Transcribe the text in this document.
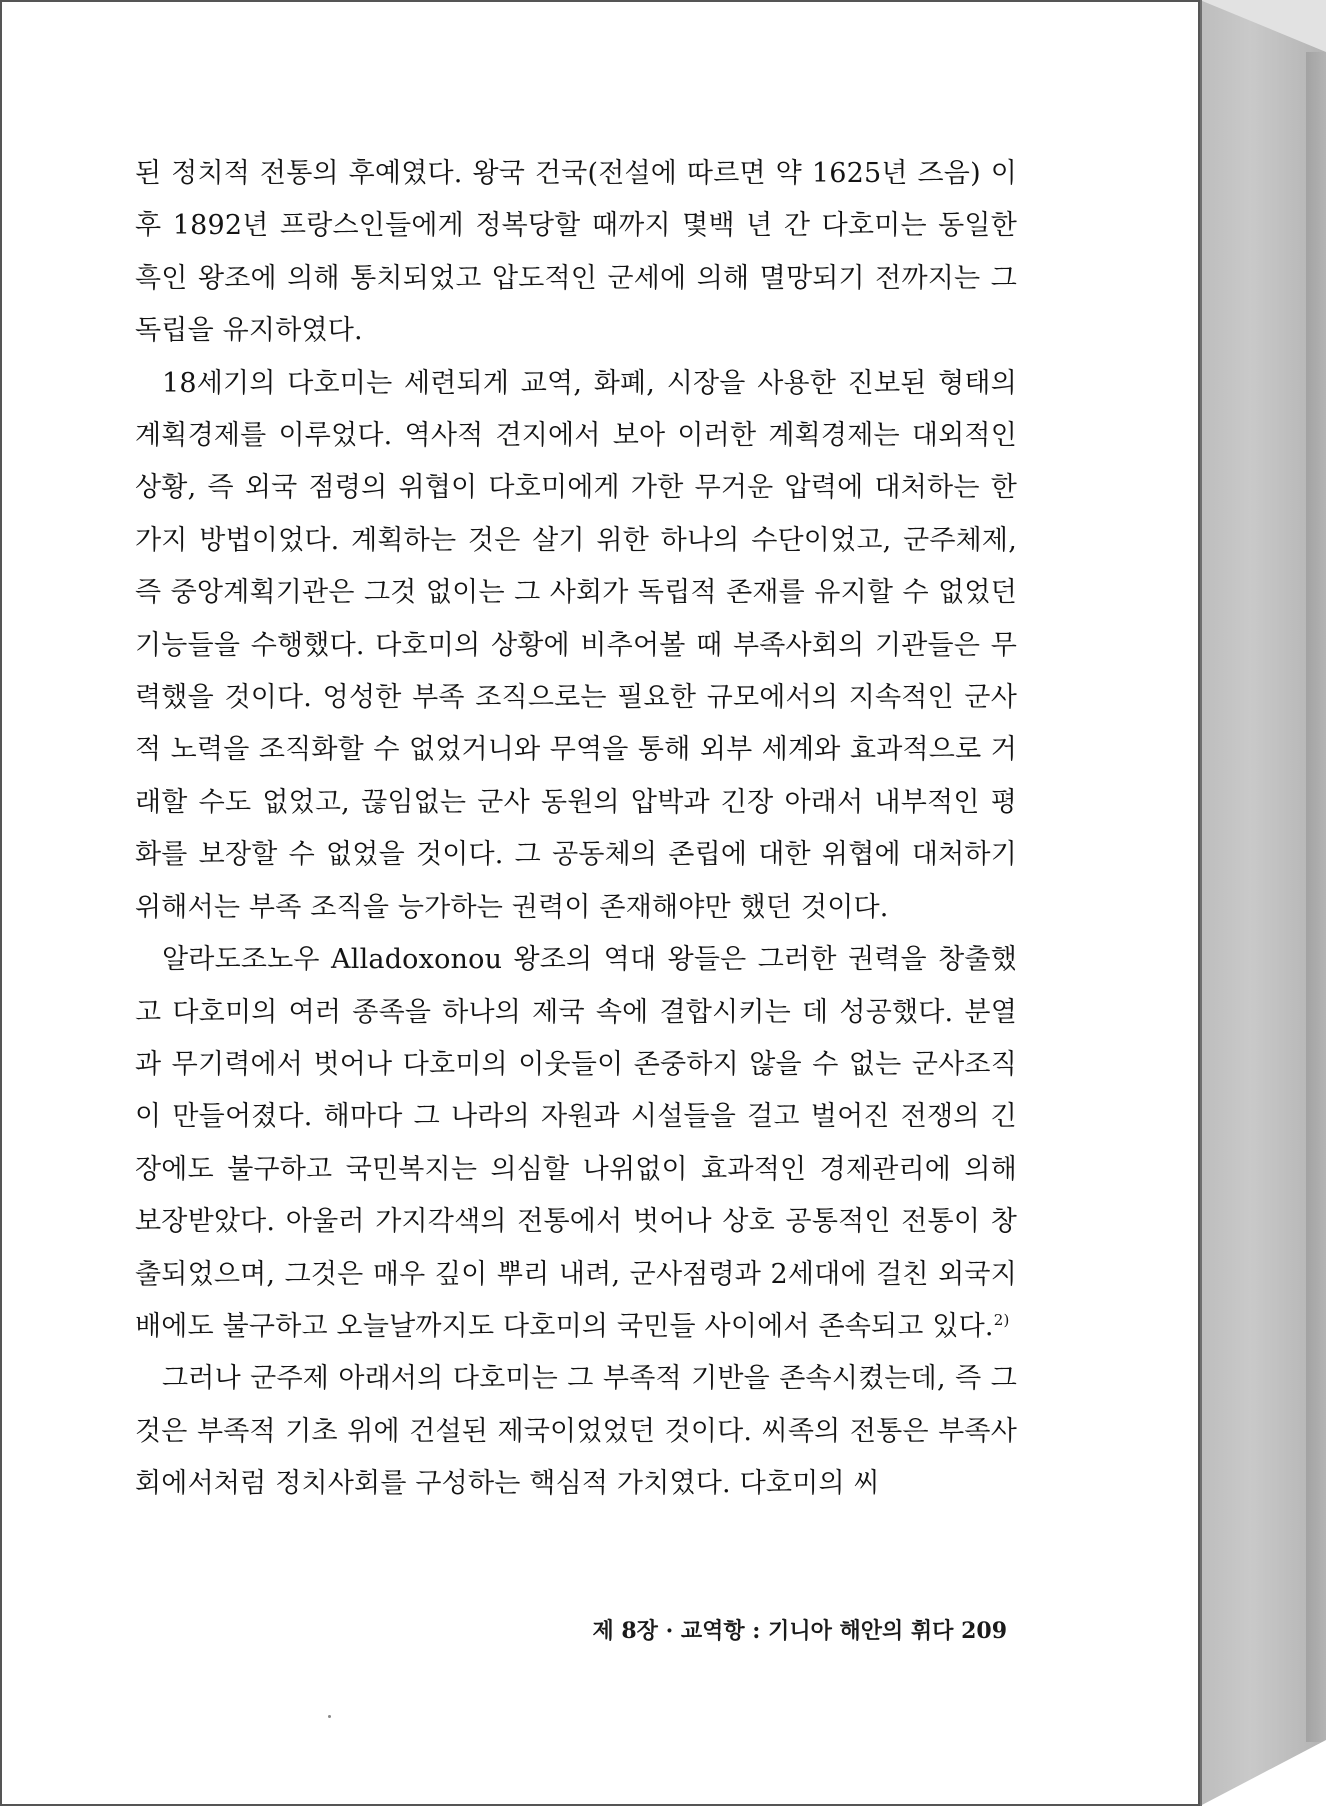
된 정치적 전통의 후예였다. 왕국 건국(전설에 따르면 약 1625년 즈음) 이후 1892년 프랑스인들에게 정복당할 때까지 몇백 년 간 다호미는 동일한 흑인 왕조에 의해 통치되었고 압도적인 군세에 의해 멸망되기 전까지는 그 독립을 유지하였다.

18세기의 다호미는 세련되게 교역, 화폐, 시장을 사용한 진보된 형태의 계획경제를 이루었다. 역사적 견지에서 보아 이러한 계획경제는 대외적인 상황, 즉 외국 점령의 위협이 다호미에게 가한 무거운 압력에 대처하는 한 가지 방법이었다. 계획하는 것은 살기 위한 하나의 수단이었고, 군주체제, 즉 중앙계획기관은 그것 없이는 그 사회가 독립적 존재를 유지할 수 없었던 기능들을 수행했다. 다호미의 상황에 비추어볼 때 부족사회의 기관들은 무력했을 것이다. 엉성한 부족 조직으로는 필요한 규모에서의 지속적인 군사적 노력을 조직화할 수 없었거니와 무역을 통해 외부 세계와 효과적으로 거래할 수도 없었고, 끊임없는 군사 동원의 압박과 긴장 아래서 내부적인 평화를 보장할 수 없었을 것이다. 그 공동체의 존립에 대한 위협에 대처하기 위해서는 부족 조직을 능가하는 권력이 존재해야만 했던 것이다.

알라도조노우 Alladoxonou 왕조의 역대 왕들은 그러한 권력을 창출했고 다호미의 여러 종족을 하나의 제국 속에 결합시키는 데 성공했다. 분열과 무기력에서 벗어나 다호미의 이웃들이 존중하지 않을 수 없는 군사조직이 만들어졌다. 해마다 그 나라의 자원과 시설들을 걸고 벌어진 전쟁의 긴장에도 불구하고 국민복지는 의심할 나위없이 효과적인 경제관리에 의해 보장받았다. 아울러 가지각색의 전통에서 벗어나 상호 공통적인 전통이 창출되었으며, 그것은 매우 깊이 뿌리 내려, 군사점령과 2세대에 걸친 외국지배에도 불구하고 오늘날까지도 다호미의 국민들 사이에서 존속되고 있다.$^{2)}$

그러나 군주제 아래서의 다호미는 그 부족적 기반을 존속시켰는데, 즉 그것은 부족적 기초 위에 건설된 제국이었었던 것이다. 씨족의 전통은 부족사회에서처럼 정치사회를 구성하는 핵심적 가치였다. 다호미의 씨

제 8장 · 교역항 : 기니아 해안의 휘다 209
